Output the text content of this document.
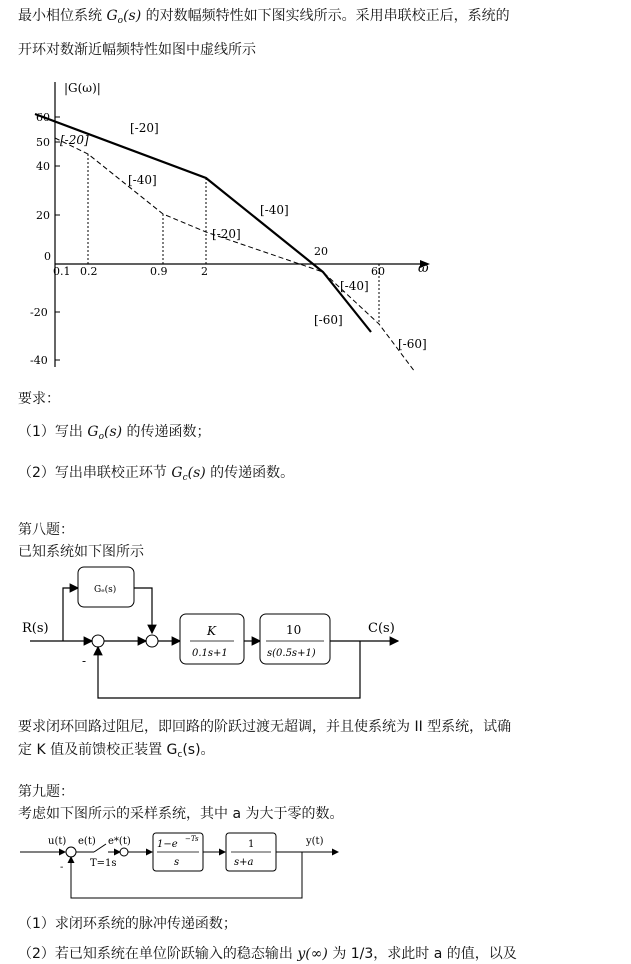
最小相位系统 $G_o(s)$ 的对数幅频特性如下图实线所示。采用串联校正后，系统的
开环对数渐近幅频特性如图中虚线所示
|G(ω)|
ω
60
50
40
20
0
-20
-40
0.1 0.2	0.9	2
20
60
[-20]
[-20]
[-40]
[-20]
[-40]
[-40]
[-60]
[-60]
要求：
（1）写出 $G_o(s)$ 的传递函数；
（2）写出串联校正环节 $G_c(s)$ 的传递函数。
第八题：
已知系统如下图所示
R(s)
Gₑ(s)
K
0.1s+1
10
s(0.5s+1)
C(s)
-
要求闭环回路过阻尼，即回路的阶跃过渡无超调，并且使系统为 II 型系统，试确
定 K 值及前馈校正装置 $G_c(s)$。
第九题：
考虑如下图所示的采样系统，其中 a 为大于零的数。
u(t) e(t)
T=1s
e*(t)	1−e −Ts
s
1
s+a
y(t)
-
（1）求闭环系统的脉冲传递函数；
（2）若已知系统在单位阶跃输入的稳态输出 y(∞) 为 1/3，求此时 a 的值，以及
